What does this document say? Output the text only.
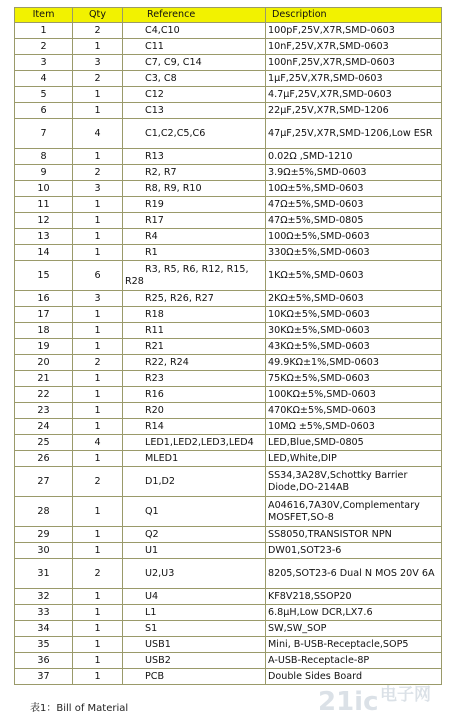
Item	Qty	Reference	Description
1	2	C4,C10	100pF,25V,X7R,SMD-0603
2	1	C11	10nF,25V,X7R,SMD-0603
3	3	C7, C9, C14	100nF,25V,X7R,SMD-0603
4	2	C3, C8	1μF,25V,X7R,SMD-0603
5	1	C12	4.7μF,25V,X7R,SMD-0603
6	1	C13	22μF,25V,X7R,SMD-1206
7	4	C1,C2,C5,C6	47μF,25V,X7R,SMD-1206,Low ESR
8	1	R13	0.02Ω ,SMD-1210
9	2	R2, R7	3.9Ω±5%,SMD-0603
10	3	R8, R9, R10	10Ω±5%,SMD-0603
11	1	R19	47Ω±5%,SMD-0603
12	1	R17	47Ω±5%,SMD-0805
13	1	R4	100Ω±5%,SMD-0603
14	1	R1	330Ω±5%,SMD-0603
15	6	R3, R5, R6, R12, R15,
R28	1KΩ±5%,SMD-0603
16	3	R25, R26, R27	2KΩ±5%,SMD-0603
17	1	R18	10KΩ±5%,SMD-0603
18	1	R11	30KΩ±5%,SMD-0603
19	1	R21	43KΩ±5%,SMD-0603
20	2	R22, R24	49.9KΩ±1%,SMD-0603
21	1	R23	75KΩ±5%,SMD-0603
22	1	R16	100KΩ±5%,SMD-0603
23	1	R20	470KΩ±5%,SMD-0603
24	1	R14	10MΩ ±5%,SMD-0603
25	4	LED1,LED2,LED3,LED4	LED,Blue,SMD-0805
26	1	MLED1	LED,White,DIP
27	2	D1,D2	SS34,3A28V,Schottky Barrier Diode,DO-214AB
28	1	Q1	A04616,7A30V,Complementary MOSFET,SO-8
29	1	Q2	SS8050,TRANSISTOR NPN
30	1	U1	DW01,SOT23-6
31	2	U2,U3	8205,SOT23-6 Dual N MOS 20V 6A
32	1	U4	KF8V218,SSOP20
33	1	L1	6.8μH,Low DCR,LX7.6
34	1	S1	SW,SW_SOP
35	1	USB1	Mini, B-USB-Receptacle,SOP5
36	1	USB2	A-USB-Receptacle-8P
37	1	PCB	Double Sides Board
表1：Bill of Material	21ic 电子网
